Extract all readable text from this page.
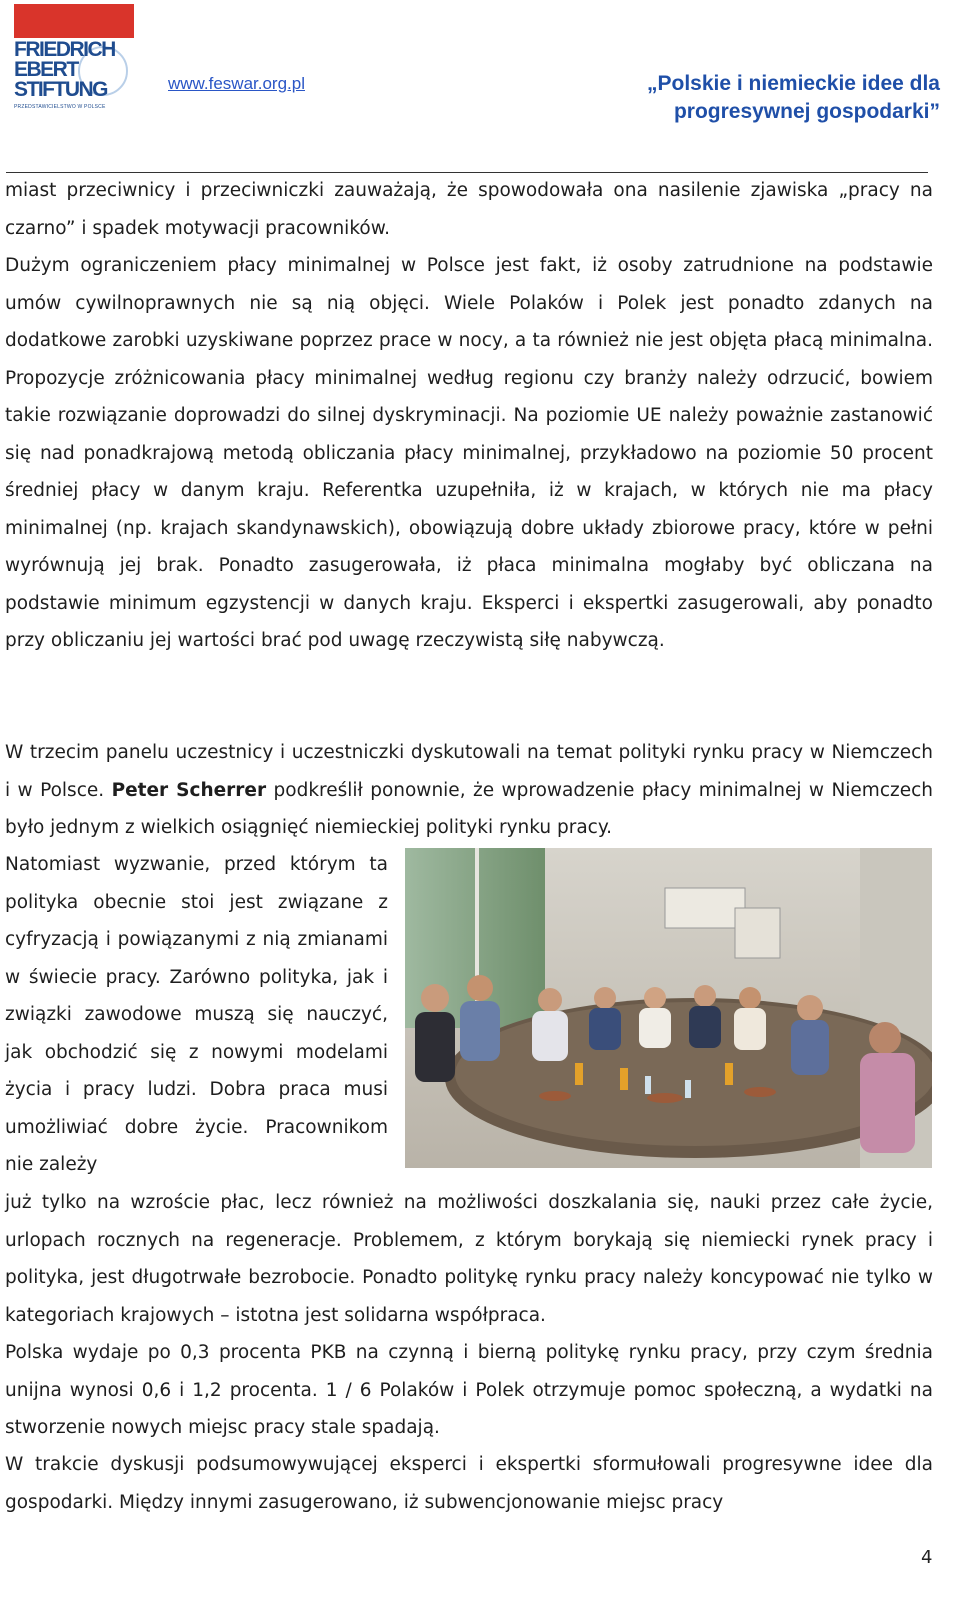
FRIEDRICH
EBERT
STIFTUNG
PRZEDSTAWICIELSTWO W POLSCE
www.feswar.org.pl	„Polskie i niemieckie idee dla progresywnej gospodarki”

miast przeciwnicy i przeciwniczki zauważają, że spowodowała ona nasilenie zjawiska „pracy na czarno” i spadek motywacji pracowników.

Dużym ograniczeniem płacy minimalnej w Polsce jest fakt, iż osoby zatrudnione na podstawie umów cywilnoprawnych nie są nią objęci. Wiele Polaków i Polek jest ponadto zdanych na dodatkowe zarobki uzyskiwane poprzez prace w nocy, a ta również nie jest objęta płacą minimalna. Propozycje zróżnicowania płacy minimalnej według regionu czy branży należy odrzucić, bowiem takie rozwiązanie doprowadzi do silnej dyskryminacji. Na poziomie UE należy poważnie zastanowić się nad ponadkrajową metodą obliczania płacy minimalnej, przykładowo na poziomie 50 procent średniej płacy w danym kraju. Referentka uzupełniła, iż w krajach, w których nie ma płacy minimalnej (np. krajach skandynawskich), obowiązują dobre układy zbiorowe pracy, które w pełni wyrównują jej brak. Ponadto zasugerowała, iż płaca minimalna mogłaby być obliczana na podstawie minimum egzystencji w danych kraju. Eksperci i ekspertki zasugerowali, aby ponadto przy obliczaniu jej wartości brać pod uwagę rzeczywistą siłę nabywczą.

W trzecim panelu uczestnicy i uczestniczki dyskutowali na temat polityki rynku pracy w Niemczech i w Polsce. Peter Scherrer podkreślił ponownie, że wprowadzenie płacy minimalnej w Niemczech było jednym z wielkich osiągnięć niemieckiej polityki rynku pracy.

Natomiast wyzwanie, przed którym ta polityka obecnie stoi jest związane z cyfryzacją i powiązanymi z nią zmianami w świecie pracy. Zarówno polityka, jak i związki zawodowe muszą się nauczyć, jak obchodzić się z nowymi modelami życia i pracy ludzi. Dobra praca musi umożliwiać dobre życie. Pracownikom nie zależy

już tylko na wzroście płac, lecz również na możliwości doszkalania się, nauki przez całe życie, urlopach rocznych na regeneracje. Problemem, z którym borykają się niemiecki rynek pracy i polityka, jest długotrwałe bezrobocie. Ponadto politykę rynku pracy należy koncypować nie tylko w kategoriach krajowych – istotna jest solidarna współpraca.

Polska wydaje po 0,3 procenta PKB na czynną i bierną politykę rynku pracy, przy czym średnia unijna wynosi 0,6 i 1,2 procenta. 1 / 6 Polaków i Polek otrzymuje pomoc społeczną, a wydatki na stworzenie nowych miejsc pracy stale spadają.

W trakcie dyskusji podsumowywującej eksperci i ekspertki sformułowali progresywne idee dla gospodarki. Między innymi zasugerowano, iż subwencjonowanie miejsc pracy

4
